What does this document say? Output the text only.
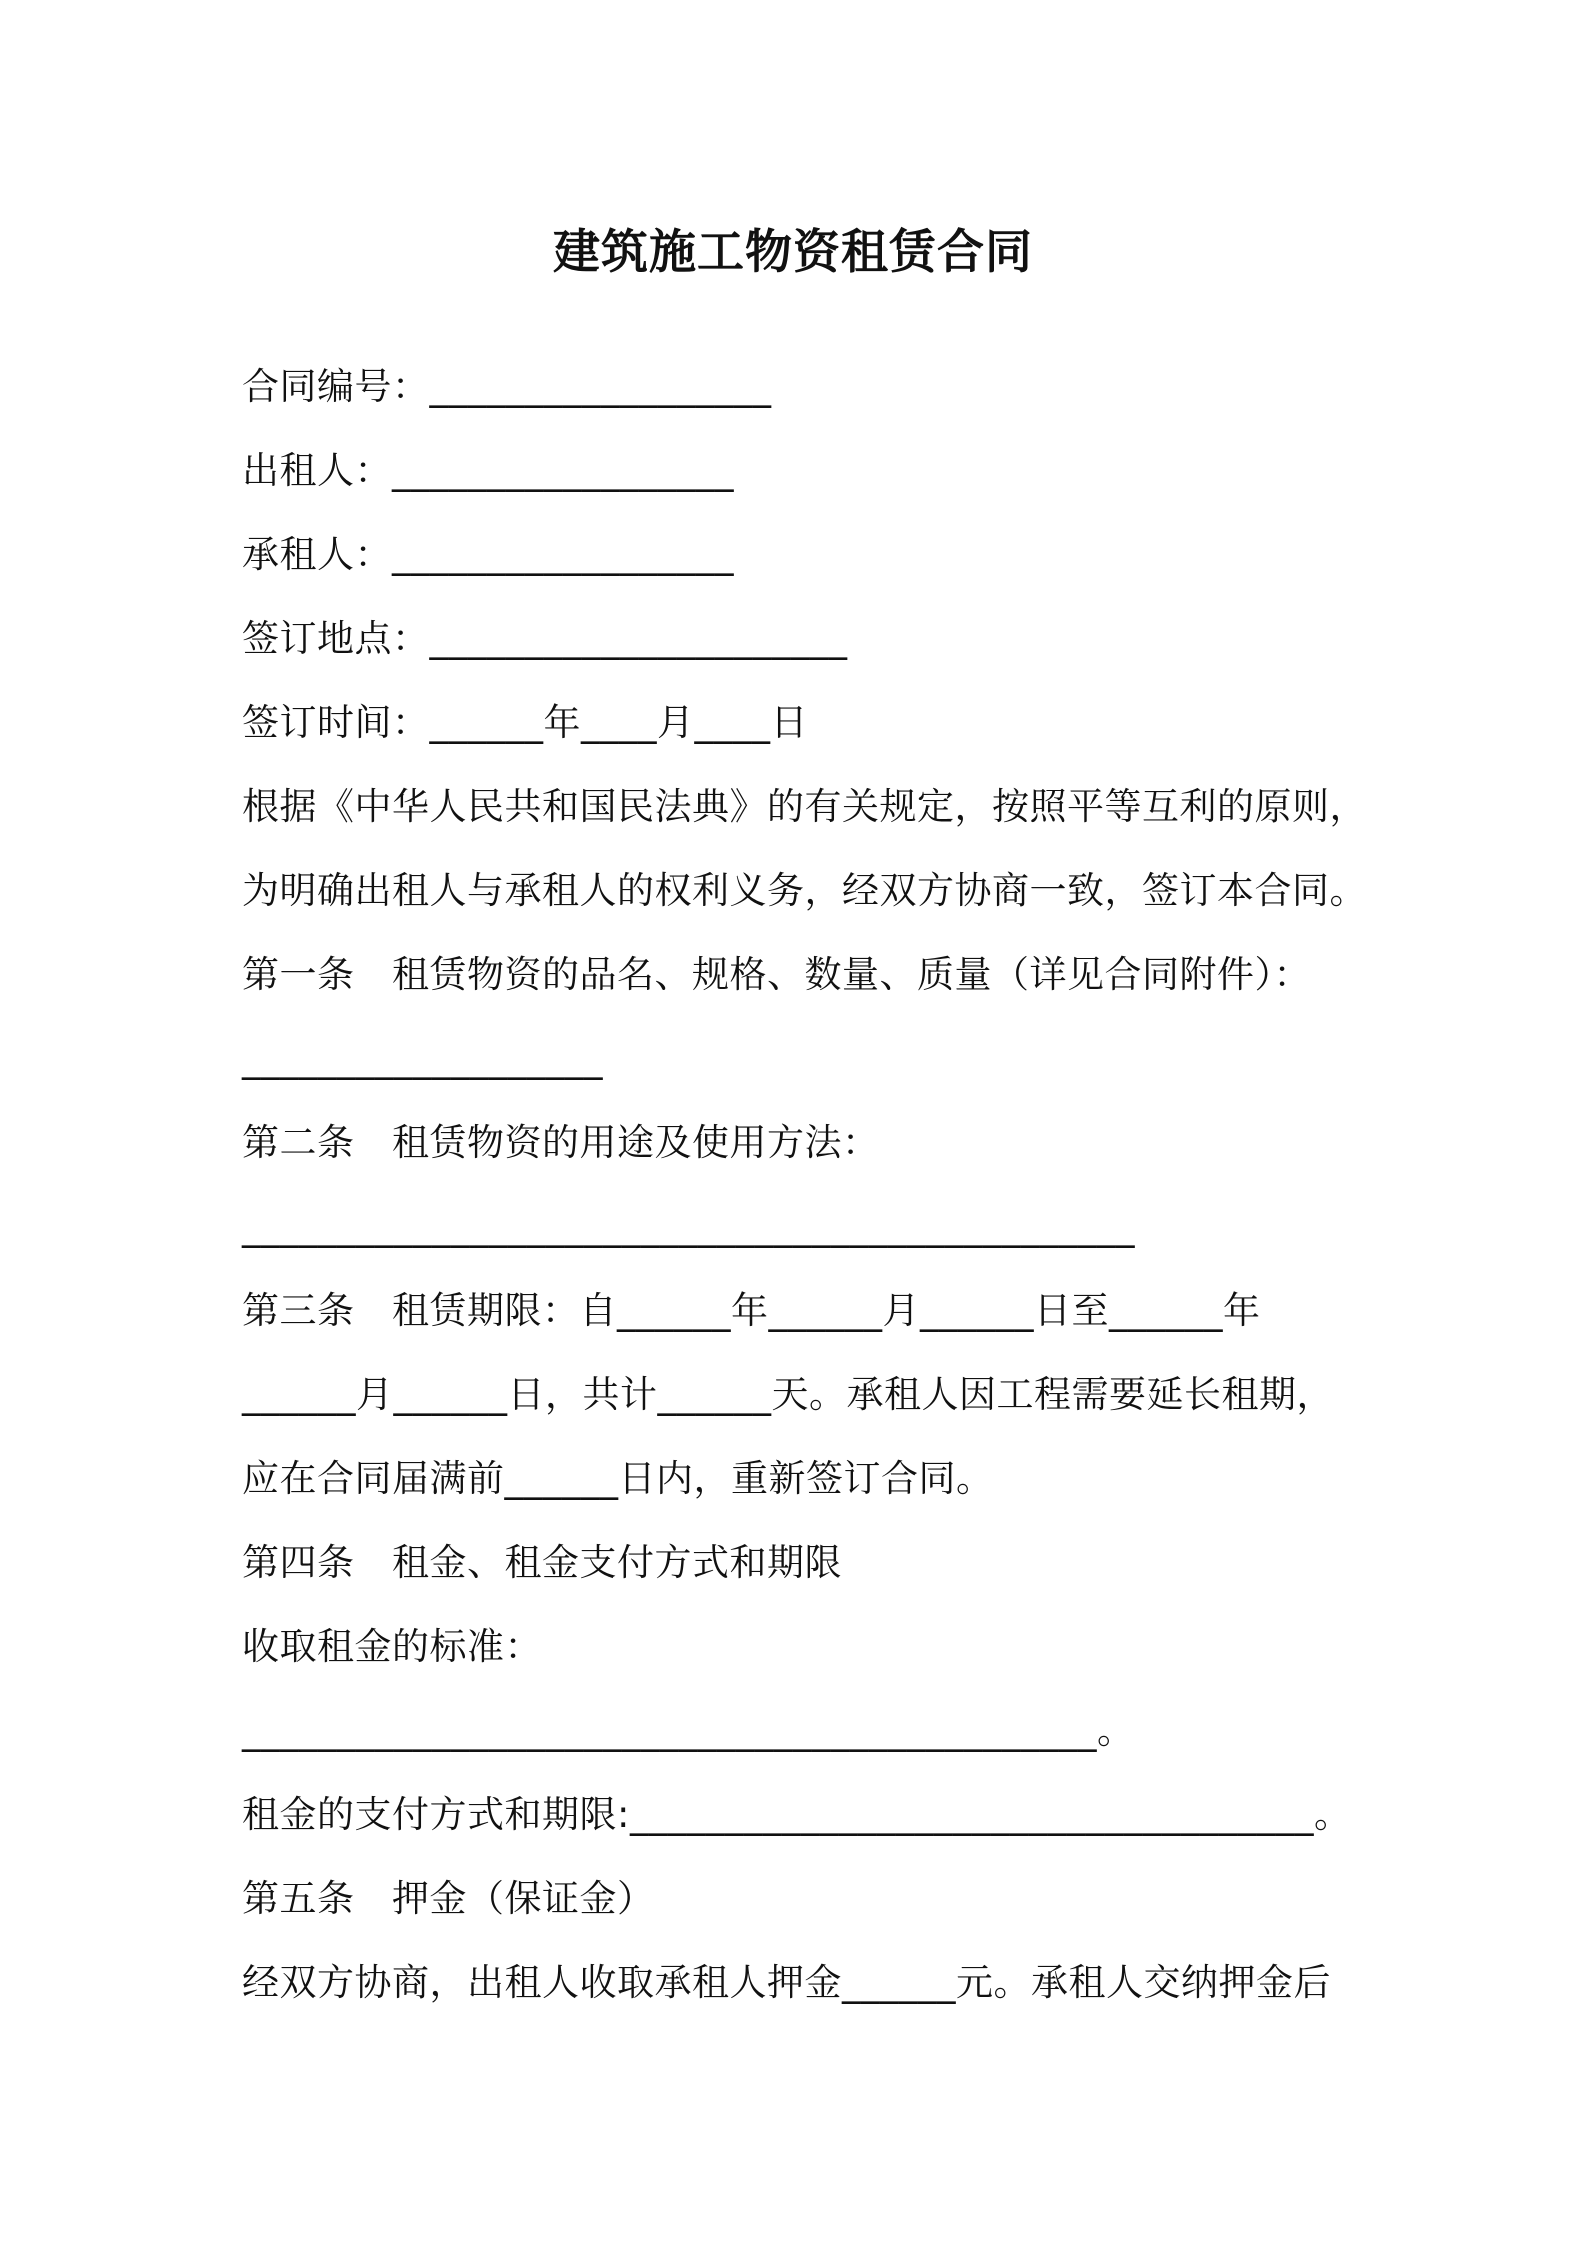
建筑施工物资租赁合同
合同编号：__________________
出租人：__________________
承租人：__________________
签订地点：______________________
签订时间：______年____月____日
根据《中华人民共和国民法典》的有关规定，按照平等互利的原则，
为明确出租人与承租人的权利义务，经双方协商一致，签订本合同。
第一条　租赁物资的品名、规格、数量、质量（详见合同附件）：
___________________
第二条　租赁物资的用途及使用方法：
_______________________________________________
第三条　租赁期限：自______年______月______日至______年
______月______日，共计______天。承租人因工程需要延长租期，
应在合同届满前______日内，重新签订合同。
第四条　租金、租金支付方式和期限
收取租金的标准：
_____________________________________________。
租金的支付方式和期限:____________________________________。
第五条　押金（保证金）
经双方协商，出租人收取承租人押金______元。承租人交纳押金后
